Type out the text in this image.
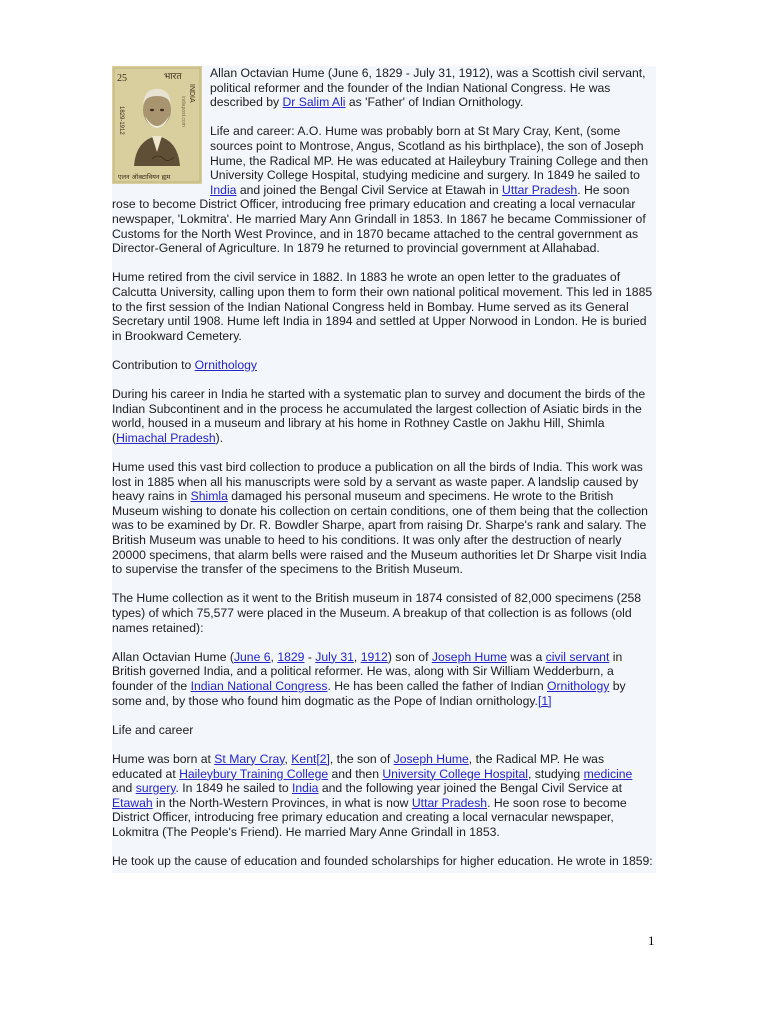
25	भारत
INDIA
indiapost.com
1829-1912
एलन ऑक्टावियन ह्यम

Allan Octavian Hume (June 6, 1829 - July 31, 1912), was a Scottish civil servant, political reformer and the founder of the Indian National Congress. He was described by Dr Salim Ali as 'Father' of Indian Ornithology.

Life and career: A.O. Hume was probably born at St Mary Cray, Kent, (some sources point to Montrose, Angus, Scotland as his birthplace), the son of Joseph Hume, the Radical MP. He was educated at Haileybury Training College and then University College Hospital, studying medicine and surgery. In 1849 he sailed to India and joined the Bengal Civil Service at Etawah in Uttar Pradesh. He soon rose to become District Officer, introducing free primary education and creating a local vernacular newspaper, 'Lokmitra'. He married Mary Ann Grindall in 1853. In 1867 he became Commissioner of Customs for the North West Province, and in 1870 became attached to the central government as Director-General of Agriculture. In 1879 he returned to provincial government at Allahabad.

Hume retired from the civil service in 1882. In 1883 he wrote an open letter to the graduates of Calcutta University, calling upon them to form their own national political movement. This led in 1885 to the first session of the Indian National Congress held in Bombay. Hume served as its General Secretary until 1908. Hume left India in 1894 and settled at Upper Norwood in London. He is buried in Brookward Cemetery.

Contribution to Ornithology

During his career in India he started with a systematic plan to survey and document the birds of the Indian Subcontinent and in the process he accumulated the largest collection of Asiatic birds in the world, housed in a museum and library at his home in Rothney Castle on Jakhu Hill, Shimla (Himachal Pradesh).

Hume used this vast bird collection to produce a publication on all the birds of India. This work was lost in 1885 when all his manuscripts were sold by a servant as waste paper. A landslip caused by heavy rains in Shimla damaged his personal museum and specimens. He wrote to the British Museum wishing to donate his collection on certain conditions, one of them being that the collection was to be examined by Dr. R. Bowdler Sharpe, apart from raising Dr. Sharpe's rank and salary. The British Museum was unable to heed to his conditions. It was only after the destruction of nearly 20000 specimens, that alarm bells were raised and the Museum authorities let Dr Sharpe visit India to supervise the transfer of the specimens to the British Museum.

The Hume collection as it went to the British museum in 1874 consisted of 82,000 specimens (258 types) of which 75,577 were placed in the Museum. A breakup of that collection is as follows (old names retained):

Allan Octavian Hume (June 6, 1829 - July 31, 1912) son of Joseph Hume was a civil servant in British governed India, and a political reformer. He was, along with Sir William Wedderburn, a founder of the Indian National Congress. He has been called the father of Indian Ornithology by some and, by those who found him dogmatic as the Pope of Indian ornithology.[1]

Life and career

Hume was born at St Mary Cray, Kent[2], the son of Joseph Hume, the Radical MP. He was educated at Haileybury Training College and then University College Hospital, studying medicine and surgery. In 1849 he sailed to India and the following year joined the Bengal Civil Service at Etawah in the North-Western Provinces, in what is now Uttar Pradesh. He soon rose to become District Officer, introducing free primary education and creating a local vernacular newspaper, Lokmitra (The People's Friend). He married Mary Anne Grindall in 1853.

He took up the cause of education and founded scholarships for higher education. He wrote in 1859:

1
